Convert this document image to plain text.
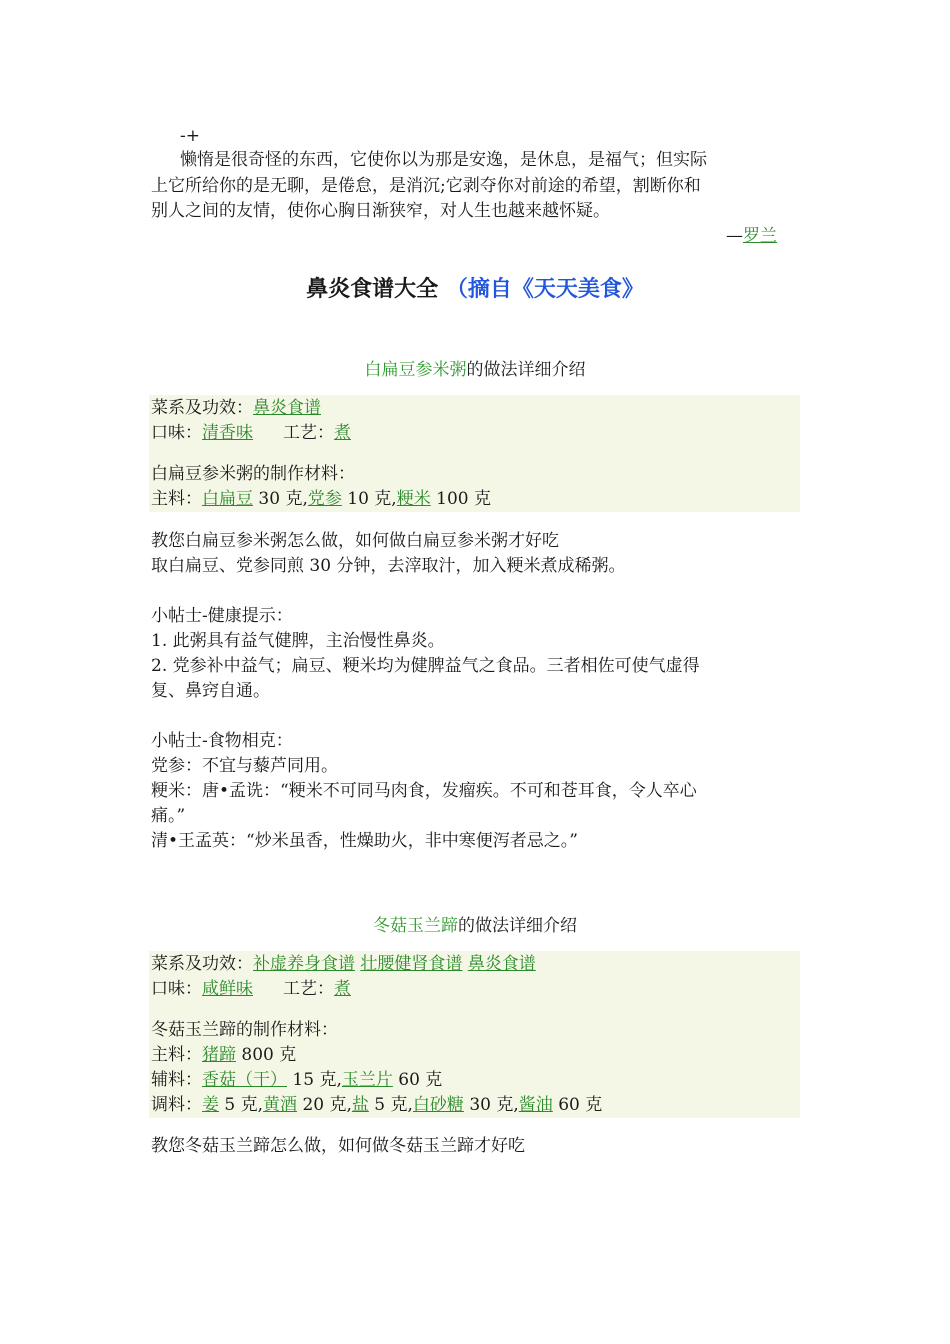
-+
懒惰是很奇怪的东西，它使你以为那是安逸，是休息，是福气；但实际
上它所给你的是无聊，是倦怠，是消沉;它剥夺你对前途的希望，割断你和
别人之间的友情，使你心胸日渐狭窄，对人生也越来越怀疑。
—罗兰
鼻炎食谱大全 （摘自《天天美食》
白扁豆参米粥的做法详细介绍
菜系及功效：鼻炎食谱
口味：清香味 工艺：煮
白扁豆参米粥的制作材料：
主料：白扁豆 30 克,党参 10 克,粳米 100 克
教您白扁豆参米粥怎么做，如何做白扁豆参米粥才好吃
取白扁豆、党参同煎 30 分钟，去滓取汁，加入粳米煮成稀粥。
小帖士-健康提示：
1. 此粥具有益气健脾，主治慢性鼻炎。
2. 党参补中益气；扁豆、粳米均为健脾益气之食品。三者相佐可使气虚得
复、鼻窍自通。
小帖士-食物相克：
党参：不宜与藜芦同用。
粳米：唐•孟诜：“粳米不可同马肉食，发瘤疾。不可和苍耳食，令人卒心
痛。”
清•王孟英：“炒米虽香，性燥助火，非中寒便泻者忌之。”
冬菇玉兰蹄的做法详细介绍
菜系及功效：补虚养身食谱 壮腰健肾食谱 鼻炎食谱
口味：咸鲜味 工艺：煮
冬菇玉兰蹄的制作材料：
主料：猪蹄 800 克
辅料：香菇（干） 15 克,玉兰片 60 克
调料：姜 5 克,黄酒 20 克,盐 5 克,白砂糖 30 克,酱油 60 克
教您冬菇玉兰蹄怎么做，如何做冬菇玉兰蹄才好吃
